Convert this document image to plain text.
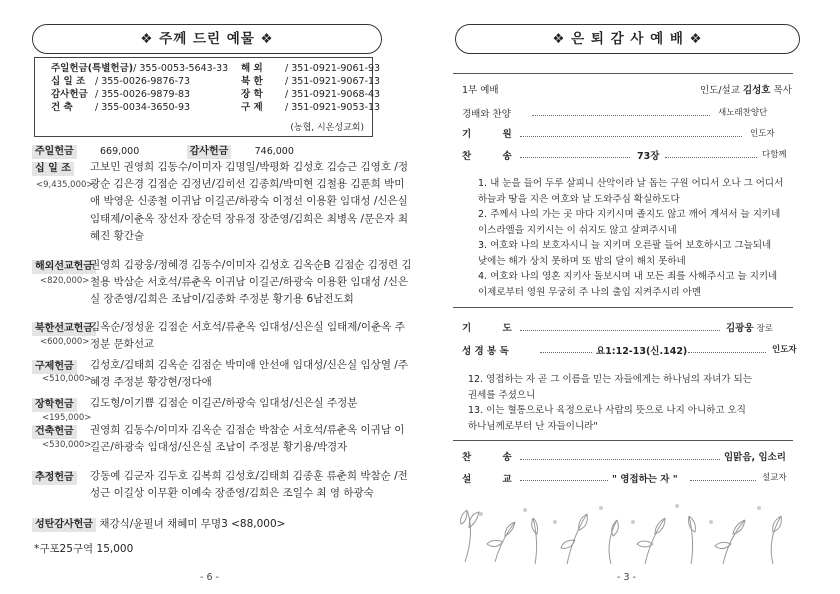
❖ 주께 드린 예물 ❖
주일헌금(특별헌금)/ 355-0053-5643-33 해 외 / 351-0921-9061-93
십 일 조 / 355-0026-9876-73	북 한 / 351-0921-9067-13
감사헌금 / 355-0026-9879-83	장 학 / 351-0921-9068-43
건 축 / 355-0034-3650-93	구 제 / 351-0921-9053-13
(농협, 시온성교회)
주일헌금	669,000	감사헌금	746,000
십 일 조
<9,435,000>
고보민 권영희 김동수/이미자 김명일/박평화 김성호 김승근 김영호 /정광순 김은경 김점순 김정년/김히선 김종희/박미현 김철용 김푼희 박미애 박영운 신종철 이귀남 이길곤/하광숙 이정선 이용환 임대성 /신은실 임태제/이춘옥 장선자 장순덕 장유정 장준영/김희은 최병옥 /문은자 최혜진 황간술
해외선교헌금
<820,000>
권영희 김광웅/정혜경 김동수/이미자 김성호 김옥순B 김점순 김정련 김철용 박삼순 서호석/류춘옥 이귀남 이길곤/하광숙 이용환 임대성 /신은실 장준영/김희은 조남이/김종화 주정분 황기용 6남전도회
북한선교헌금
<600,000>
김옥순/정성윤 김점순 서호석/류춘옥 임대성/신은실 임태제/이춘옥 주정분 문화선교
구제헌금
<510,000>
김성호/김태희 김옥순 김점순 박미애 안선애 임대성/신은실 임상열 /주혜경 주정분 황강현/정다애
장학헌금
<195,000>
김도형/이기쁨 김점순 이길곤/하광숙 임대성/신은실 주정분
건축헌금
<530,000>
권영희 김동수/이미자 김옥순 김점순 박참순 서호석/류춘옥 이귀남 이길곤/하광숙 임대성/신은실 조남이 주정분 황기용/박경자
추정헌금 강동예 김군자 김두호 김복희 김성호/김태희 김종훈 류춘희 박참순 /전성근 이길상 이무환 이예숙 장준영/김희은 조일수 최 영 하광숙
성탄감사헌금 채강식/윤필녀 채혜미 무명3 <88,000>
*구포25구역 15,000
- 6 -
❖ 은 퇴 감 사 예 배 ❖
1부 예배	인도/설교 김성호 목사
경배와 찬양	새노래찬양단
기 원	인도자
찬 송	73장	다함께
1. 내 눈을 들어 두루 살피니 산악이라 날 돕는 구원 어디서 오나 그 어디서
하늘과 땅을 지은 여호와 날 도와주심 확실하도다
2. 주께서 나의 가는 곳 마다 지키시며 졸지도 않고 깨어 계셔서 늘 지키네
이스라엘을 지키시는 이 쉬지도 않고 살펴주시네
3. 여호와 나의 보호자시니 늘 지키며 오른팔 들어 보호하시고 그늘되네
낮에는 해가 상치 못하며 또 밤의 달이 해치 못하네
4. 여호와 나의 영혼 지키사 돌보시며 내 모든 죄를 사해주시고 늘 지키네
이제로부터 영원 무궁히 주 나의 출입 지켜주시리 아멘
기 도	김광웅 장로
성 경 봉 독	요1:12-13(신.142)	인도자
12. 영접하는 자 곧 그 이름을 믿는 자들에게는 하나님의 자녀가 되는
권세를 주셨으니
13. 이는 혈통으로나 육정으로나 사람의 뜻으로 나지 아니하고 오직
하나님께로부터 난 자들이니라"
찬 송	임맑음, 임소리
설 교	" 영접하는 자 "	설교자
- 3 -
